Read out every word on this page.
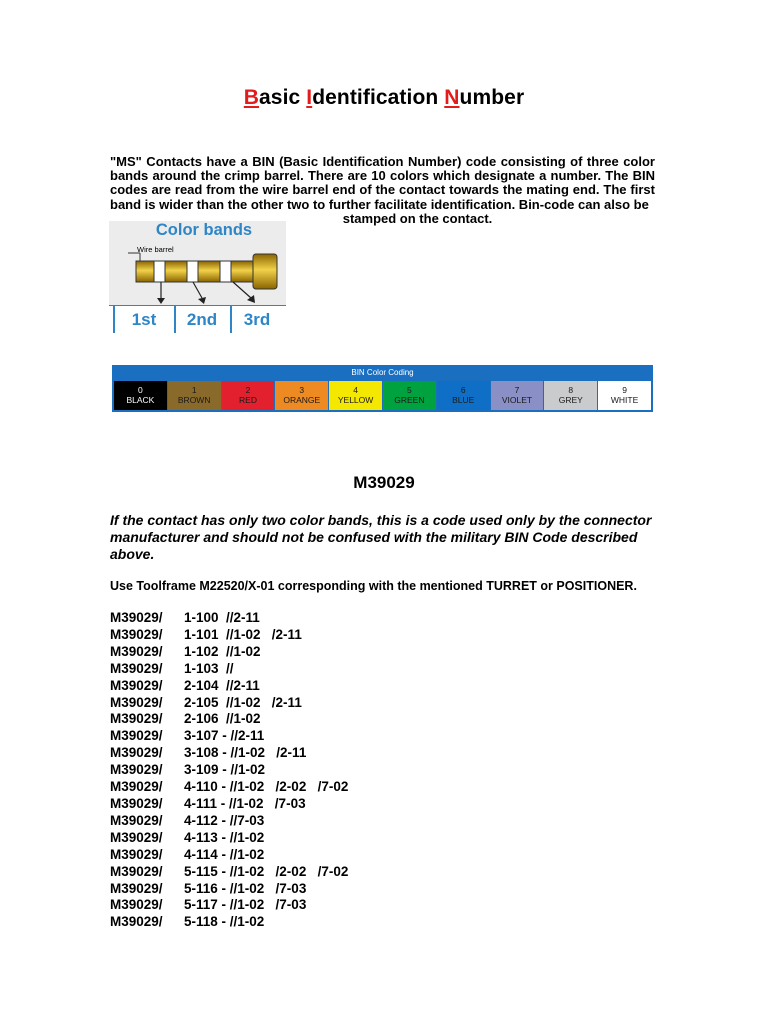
Basic Identification Number
"MS" Contacts have a BIN (Basic Identification Number) code consisting of three color bands around the crimp barrel. There are 10 colors which designate a number. The BIN codes are read from the wire barrel end of the contact towards the mating end. The first band is wider than the other two to further facilitate identification. Bin-code can also be
stamped on the contact.
Color bands
Wire barrel
1st	2nd	3rd
BIN Color Coding
0
BLACK
1
BROWN
2
RED
3
ORANGE
4
YELLOW
5
GREEN
6
BLUE
7
VIOLET
8
GREY
9
WHITE
M39029
If the contact has only two color bands, this is a code used only by the connector manufacturer and should not be confused with the military BIN Code described above.
Use Toolframe M22520/X-01 corresponding with the mentioned TURRET or POSITIONER.
M39029/	1-100  //2-11
M39029/	1-101  //1-02   /2-11
M39029/	1-102  //1-02
M39029/	1-103  //
M39029/	2-104  //2-11
M39029/	2-105  //1-02   /2-11
M39029/	2-106  //1-02
M39029/	3-107 - //2-11
M39029/	3-108 - //1-02   /2-11
M39029/	3-109 - //1-02
M39029/	4-110 - //1-02   /2-02   /7-02
M39029/	4-111 - //1-02   /7-03
M39029/	4-112 - //7-03
M39029/	4-113 - //1-02
M39029/	4-114 - //1-02
M39029/	5-115 - //1-02   /2-02   /7-02
M39029/	5-116 - //1-02   /7-03
M39029/	5-117 - //1-02   /7-03
M39029/	5-118 - //1-02
